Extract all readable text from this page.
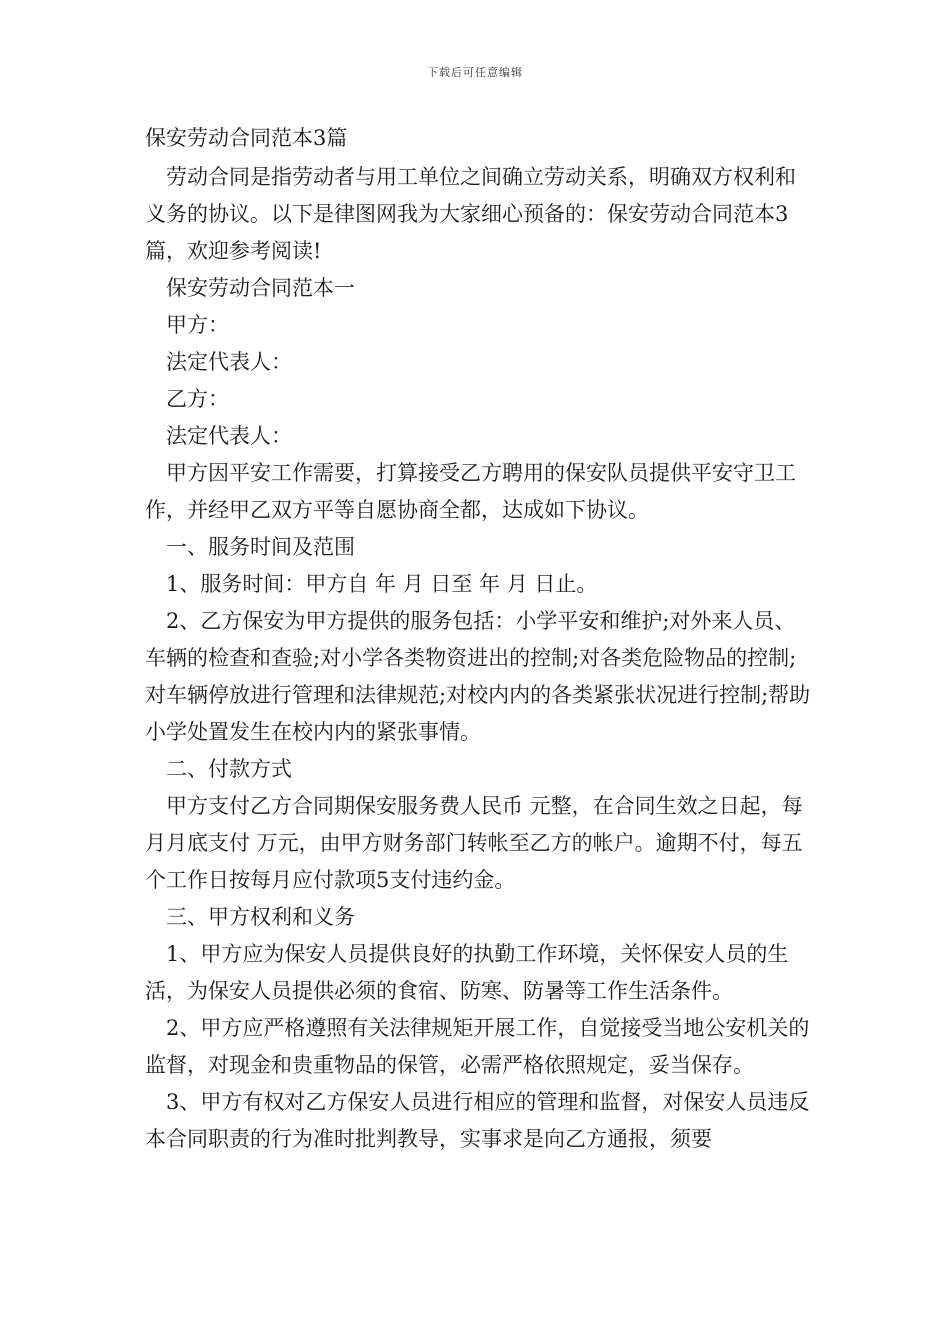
下载后可任意编辑

保安劳动合同范本3篇

劳动合同是指劳动者与用工单位之间确立劳动关系，明确双方权利和义务的协议。以下是律图网我为大家细心预备的：保安劳动合同范本3篇，欢迎参考阅读!

保安劳动合同范本一

甲方：

法定代表人：

乙方：

法定代表人：

甲方因平安工作需要，打算接受乙方聘用的保安队员提供平安守卫工作，并经甲乙双方平等自愿协商全都，达成如下协议。

一、服务时间及范围

1、服务时间：甲方自 年 月 日至 年 月 日止。

2、乙方保安为甲方提供的服务包括：小学平安和维护;对外来人员、车辆的检查和查验;对小学各类物资进出的控制;对各类危险物品的控制;对车辆停放进行管理和法律规范;对校内内的各类紧张状况进行控制;帮助小学处置发生在校内内的紧张事情。

二、付款方式

甲方支付乙方合同期保安服务费人民币 元整，在合同生效之日起，每月月底支付 万元，由甲方财务部门转帐至乙方的帐户。逾期不付，每五个工作日按每月应付款项5支付违约金。

三、甲方权利和义务

1、甲方应为保安人员提供良好的执勤工作环境，关怀保安人员的生活，为保安人员提供必须的食宿、防寒、防暑等工作生活条件。

2、甲方应严格遵照有关法律规矩开展工作，自觉接受当地公安机关的监督，对现金和贵重物品的保管，必需严格依照规定，妥当保存。

3、甲方有权对乙方保安人员进行相应的管理和监督，对保安人员违反本合同职责的行为准时批判教导，实事求是向乙方通报，须要
